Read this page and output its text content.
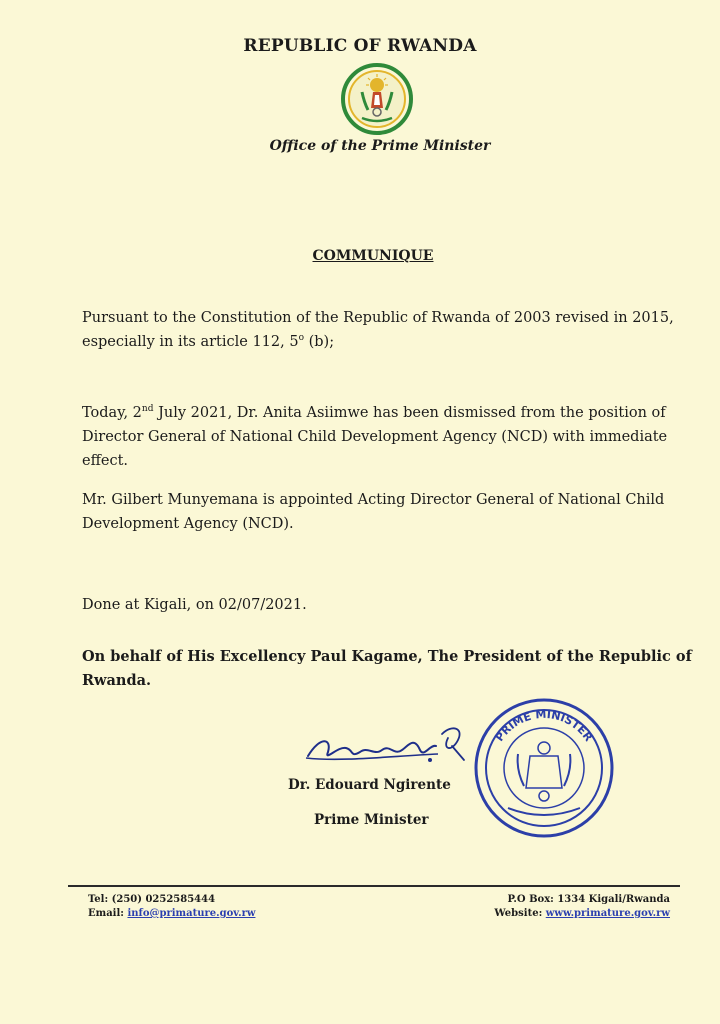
REPUBLIC OF RWANDA
Office of the Prime Minister
COMMUNIQUE
Pursuant to the Constitution of the Republic of Rwanda of 2003 revised in 2015, especially in its article 112, 5$^o$ (b);
Today, 2nd July 2021, Dr. Anita Asiimwe has been dismissed from the position of Director General of National Child Development Agency (NCD) with immediate effect.
Mr. Gilbert Munyemana is appointed Acting Director General of National Child Development Agency (NCD).
Done at Kigali, on 02/07/2021.
On behalf of His Excellency Paul Kagame, The President of the Republic of Rwanda.
PRIME MINISTER
Dr. Edouard Ngirente
Prime Minister
Tel: (250) 0252585444
Email: info@primature.gov.rw
P.O Box: 1334 Kigali/Rwanda
Website: www.primature.gov.rw
